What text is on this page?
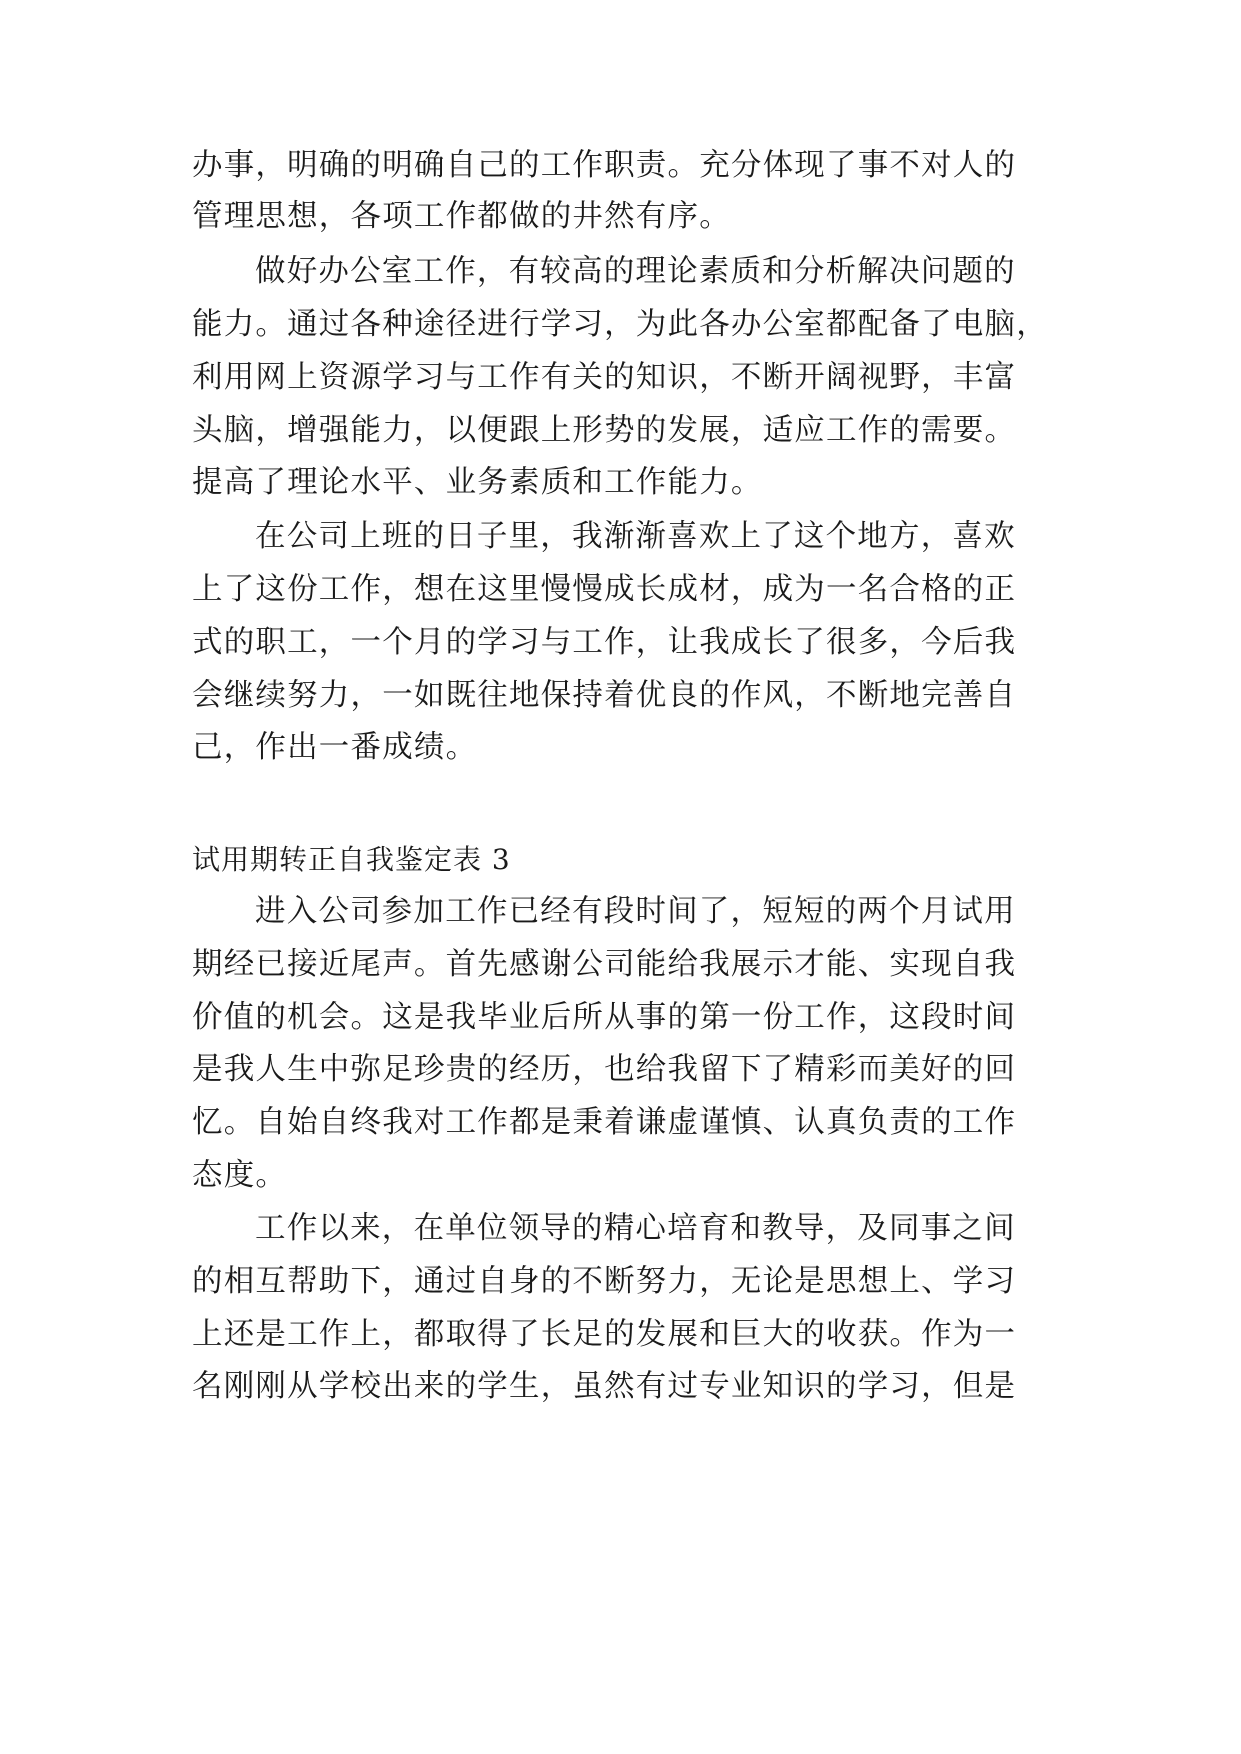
办事，明确的明确自己的工作职责。充分体现了事不对人的
管理思想，各项工作都做的井然有序。
做好办公室工作，有较高的理论素质和分析解决问题的
能力。通过各种途径进行学习，为此各办公室都配备了电脑，
利用网上资源学习与工作有关的知识，不断开阔视野，丰富
头脑，增强能力，以便跟上形势的发展，适应工作的需要。
提高了理论水平、业务素质和工作能力。
在公司上班的日子里，我渐渐喜欢上了这个地方，喜欢
上了这份工作，想在这里慢慢成长成材，成为一名合格的正
式的职工，一个月的学习与工作，让我成长了很多，今后我
会继续努力，一如既往地保持着优良的作风，不断地完善自
己，作出一番成绩。
试用期转正自我鉴定表 3
进入公司参加工作已经有段时间了，短短的两个月试用
期经已接近尾声。首先感谢公司能给我展示才能、实现自我
价值的机会。这是我毕业后所从事的第一份工作，这段时间
是我人生中弥足珍贵的经历，也给我留下了精彩而美好的回
忆。自始自终我对工作都是秉着谦虚谨慎、认真负责的工作
态度。
工作以来，在单位领导的精心培育和教导，及同事之间
的相互帮助下，通过自身的不断努力，无论是思想上、学习
上还是工作上，都取得了长足的发展和巨大的收获。作为一
名刚刚从学校出来的学生，虽然有过专业知识的学习，但是
